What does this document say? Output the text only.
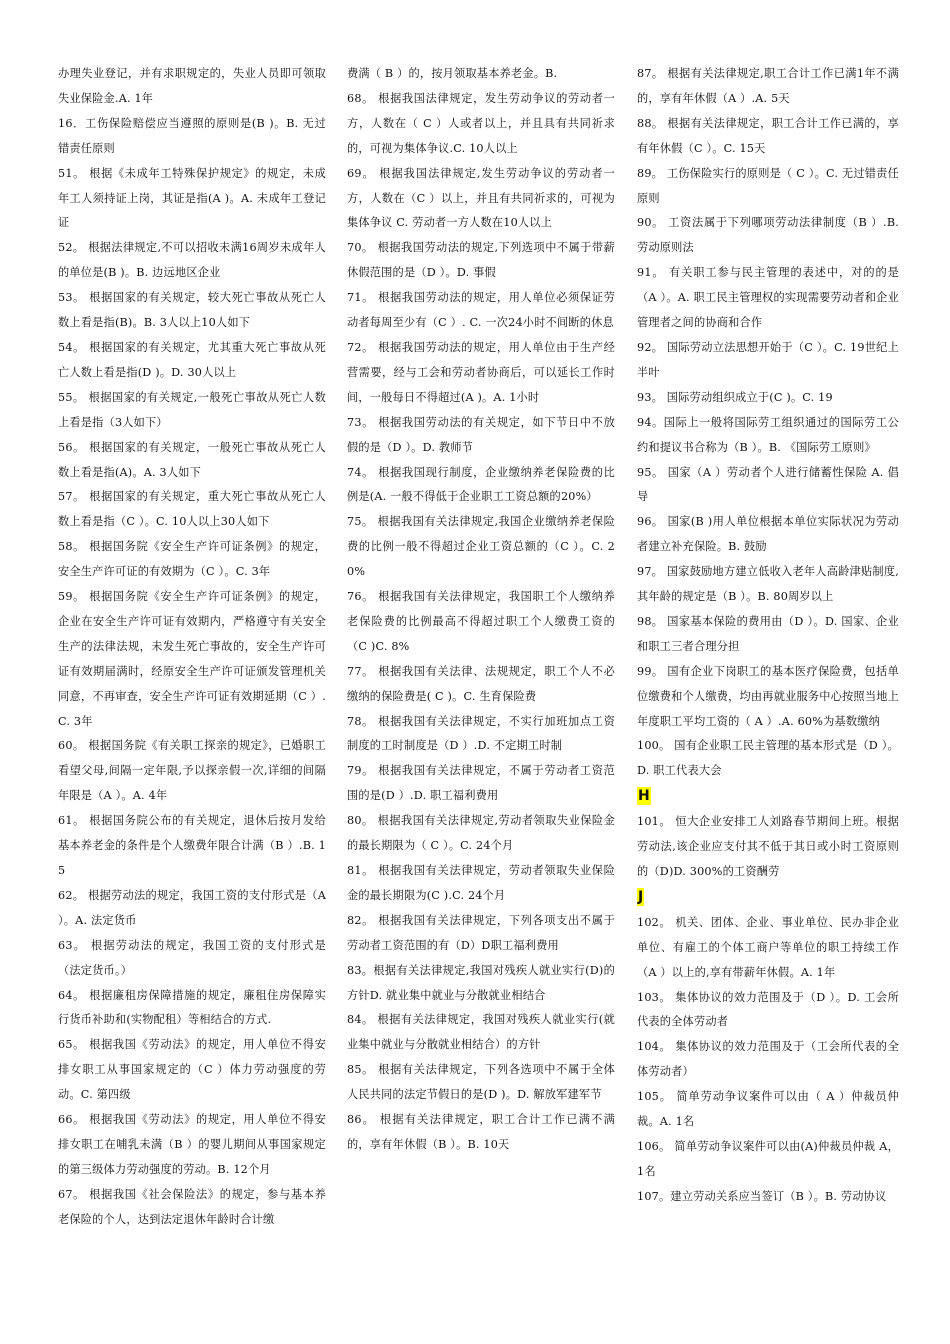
办理失业登记，并有求职规定的，失业人员即可领取失业保险金.A. 1年

16．工伤保险赔偿应当遵照的原则是(B )。B. 无过错责任原则

51。 根据《未成年工特殊保护规定》的规定，未成年工人须持证上岗，其证是指(A )。A. 未成年工登记证

52。 根据法律规定,不可以招收未满16周岁未成年人的单位是(B )。B. 边远地区企业

53。 根据国家的有关规定，较大死亡事故从死亡人数上看是指(B)。B. 3人以上10人如下

54。 根据国家的有关规定，尤其重大死亡事故从死亡人数上看是指(D )。D. 30人以上

55。 根据国家的有关规定,一般死亡事故从死亡人数上看是指（3人如下）

56。 根据国家的有关规定，一般死亡事故从死亡人数上看是指(A)。A. 3人如下

57。 根据国家的有关规定，重大死亡事故从死亡人数上看是指（C ）。C. 10人以上30人如下

58。 根据国务院《安全生产许可证条例》的规定，安全生产许可证的有效期为（C ）。C. 3年

59。 根据国务院《安全生产许可证条例》的规定，企业在安全生产许可证有效期内，严格遵守有关安全生产的法律法规，未发生死亡事故的，安全生产许可证有效期届满时，经原安全生产许可证颁发管理机关同意，不再审查，安全生产许可证有效期延期（C ）.C. 3年

60。 根据国务院《有关职工探亲的规定》，已婚职工看望父母,间隔一定年限,予以探亲假一次,详细的间隔年限是（A ）。A. 4年

61。 根据国务院公布的有关规定，退休后按月发给基本养老金的条件是个人缴费年限合计满（B ）.B. 15

62。 根据劳动法的规定，我国工资的支付形式是（A ）。A. 法定货币

63。 根据劳动法的规定，我国工资的支付形式是（法定货币。）

64。 根据廉租房保障措施的规定，廉租住房保障实行货币补助和(实物配租）等相结合的方式.

65。 根据我国《劳动法》的规定，用人单位不得安排女职工从事国家规定的（C ）体力劳动强度的劳动。C. 第四级

66。 根据我国《劳动法》的规定，用人单位不得安排女职工在哺乳未满（B ）的婴儿期间从事国家规定的第三级体力劳动强度的劳动。B. 12个月

67。 根据我国《社会保险法》的规定，参与基本养老保险的个人，达到法定退休年龄时合计缴

费满（ B ）的，按月领取基本养老金。B.

68。 根据我国法律规定，发生劳动争议的劳动者一方，人数在（ C ）人或者以上，并且具有共同祈求的，可视为集体争议.C. 10人以上

69。 根据我国法律规定,发生劳动争议的劳动者一方，人数在（C ）以上，并且有共同祈求的，可视为集体争议 C. 劳动者一方人数在10人以上

70。 根据我国劳动法的规定,下列选项中不属于带薪休假范围的是（D ）。D. 事假

71。 根据我国劳动法的规定，用人单位必须保证劳动者每周至少有（C ）. C. 一次24小时不间断的休息

72。 根据我国劳动法的规定，用人单位由于生产经营需要，经与工会和劳动者协商后，可以延长工作时间，一般每日不得超过(A )。A. 1小时

73。 根据我国劳动法的有关规定，如下节日中不放假的是（D ）。D. 教师节

74。 根据我国现行制度，企业缴纳养老保险费的比例是(A. 一般不得低于企业职工工资总额的20%）

75。 根据我国有关法律规定,我国企业缴纳养老保险费的比例一般不得超过企业工资总额的（C ）。C. 20%

76。 根据我国有关法律规定，我国职工个人缴纳养老保险费的比例最高不得超过职工个人缴费工资的（C )C. 8%

77。 根据我国有关法律、法规规定，职工个人不必缴纳的保险费是( C )。C. 生育保险费

78。 根据我国有关法律规定，不实行加班加点工资制度的工时制度是（D ）.D. 不定期工时制

79。 根据我国有关法律规定，不属于劳动者工资范围的是(D ）.D. 职工福利费用

80。 根据我国有关法律规定,劳动者领取失业保险金的最长期限为（ C ）。C. 24个月

81。 根据我国有关法律规定，劳动者领取失业保险金的最长期限为(C ).C. 24个月

82。 根据我国有关法律规定，下列各项支出不属于劳动者工资范围的有（D）D职工福利费用

83。根据有关法律规定,我国对残疾人就业实行(D)的方针D. 就业集中就业与分散就业相结合

84。 根据有关法律规定，我国对残疾人就业实行(就业集中就业与分散就业相结合）的方针

85。 根据有关法律规定，下列各选项中不属于全体人民共同的法定节假日的是(D )。D. 解放军建军节

86。 根据有关法律规定，职工合计工作已满不满的，享有年休假（B ）。B. 10天

87。 根据有关法律规定,职工合计工作已满1年不满的，享有年休假（A ）.A. 5天

88。 根据有关法律规定，职工合计工作已满的，享有年休假（C ）。C. 15天

89。 工伤保险实行的原则是（ C ）。C. 无过错责任原则

90。 工资法属于下列哪项劳动法律制度（B ）.B. 劳动原则法

91。 有关职工参与民主管理的表述中，对的的是（A ）。A. 职工民主管理权的实现需要劳动者和企业管理者之间的协商和合作

92。 国际劳动立法思想开始于（C ）。C. 19世纪上半叶

93。 国际劳动组织成立于(C )。C. 19

94。国际上一般将国际劳工组织通过的国际劳工公约和提议书合称为（B ）。B. 《国际劳工原则》

95。 国家（A ）劳动者个人进行储蓄性保险 A. 倡导

96。 国家(B )用人单位根据本单位实际状况为劳动者建立补充保险。B. 鼓励

97。 国家鼓励地方建立低收入老年人高龄津贴制度,其年龄的规定是（B ）。B. 80周岁以上

98。 国家基本保险的费用由（D ）。D. 国家、企业和职工三者合理分担

99。 国有企业下岗职工的基本医疗保险费，包括单位缴费和个人缴费，均由再就业服务中心按照当地上年度职工平均工资的（ A ）.A. 60%为基数缴纳

100。 国有企业职工民主管理的基本形式是（D ）。D. 职工代表大会

H

101。 恒大企业安排工人刘路春节期间上班。根据劳动法,该企业应支付其不低于其日或小时工资原则的（D)D. 300%的工资酬劳

J

102。 机关、团体、企业、事业单位、民办非企业单位、有雇工的个体工商户等单位的职工持续工作（A ）以上的,享有带薪年休假。A. 1年

103。 集体协议的效力范围及于（D ）。D. 工会所代表的全体劳动者

104。 集体协议的效力范围及于（工会所代表的全体劳动者）

105。 简单劳动争议案件可以由（ A ）仲裁员仲裁。A. 1名

106。 简单劳动争议案件可以由(A)仲裁员仲裁 A，1名

107。建立劳动关系应当签订（B ）。B. 劳动协议
